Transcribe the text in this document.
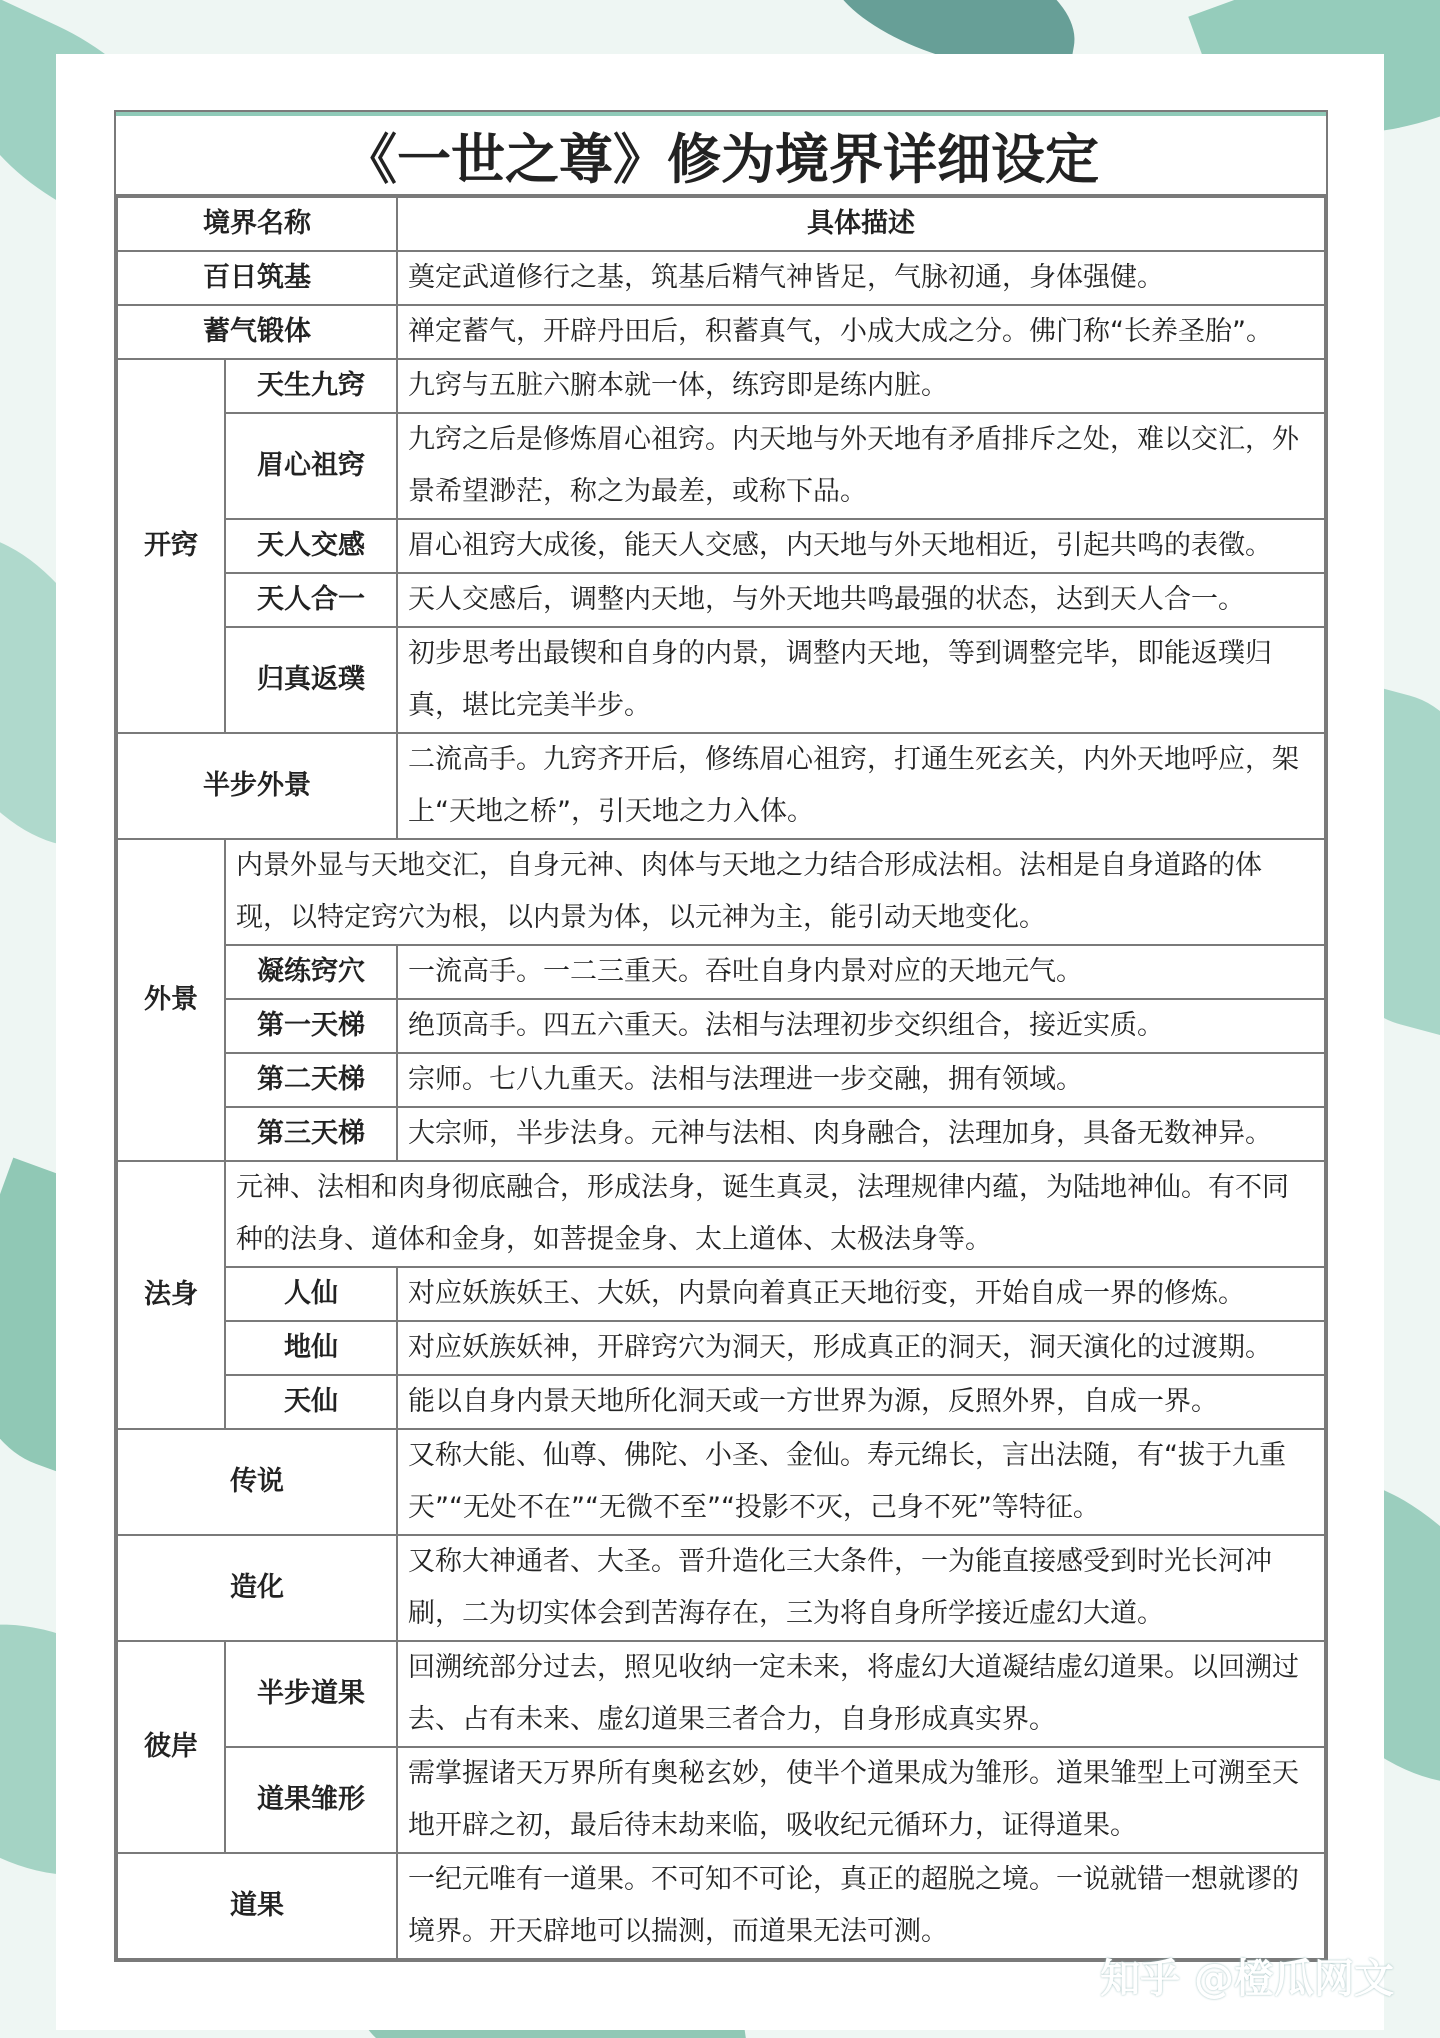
《一世之尊》修为境界详细设定
境界名称		具体描述
百日筑基		奠定武道修行之基，筑基后精气神皆足，气脉初通，身体强健。
蓄气锻体		禅定蓄气，开辟丹田后，积蓄真气，小成大成之分。佛门称“长养圣胎”。
开窍	天生九窍	九窍与五脏六腑本就一体，练窍即是练内脏。
	眉心祖窍	九窍之后是修炼眉心祖窍。内天地与外天地有矛盾排斥之处，难以交汇，外景希望渺茫，称之为最差，或称下品。
	天人交感	眉心祖窍大成後，能天人交感，内天地与外天地相近，引起共鸣的表徵。
	天人合一	天人交感后，调整内天地，与外天地共鸣最强的状态，达到天人合一。
	归真返璞	初步思考出最锲和自身的内景，调整内天地，等到调整完毕，即能返璞归真，堪比完美半步。
半步外景		二流高手。九窍齐开后，修练眉心祖窍，打通生死玄关，内外天地呼应，架上“天地之桥”，引天地之力入体。
外景	内景外显与天地交汇，自身元神、肉体与天地之力结合形成法相。法相是自身道路的体现，以特定窍穴为根，以内景为体，以元神为主，能引动天地变化。	
	凝练窍穴	一流高手。一二三重天。吞吐自身内景对应的天地元气。
	第一天梯	绝顶高手。四五六重天。法相与法理初步交织组合，接近实质。
	第二天梯	宗师。七八九重天。法相与法理进一步交融，拥有领域。
	第三天梯	大宗师，半步法身。元神与法相、肉身融合，法理加身，具备无数神异。
法身	元神、法相和肉身彻底融合，形成法身，诞生真灵，法理规律内蕴，为陆地神仙。有不同种的法身、道体和金身，如菩提金身、太上道体、太极法身等。	
	人仙	对应妖族妖王、大妖，内景向着真正天地衍变，开始自成一界的修炼。
	地仙	对应妖族妖神，开辟窍穴为洞天，形成真正的洞天，洞天演化的过渡期。
	天仙	能以自身内景天地所化洞天或一方世界为源，反照外界，自成一界。
传说		又称大能、仙尊、佛陀、小圣、金仙。寿元绵长，言出法随，有“拔于九重天”“无处不在”“无微不至”“投影不灭，己身不死”等特征。
造化		又称大神通者、大圣。晋升造化三大条件，一为能直接感受到时光长河冲刷，二为切实体会到苦海存在，三为将自身所学接近虚幻大道。
彼岸	半步道果	回溯统部分过去，照见收纳一定未来，将虚幻大道凝结虚幻道果。以回溯过去、占有未来、虚幻道果三者合力，自身形成真实界。
	道果雏形	需掌握诸天万界所有奥秘玄妙，使半个道果成为雏形。道果雏型上可溯至天地开辟之初，最后待末劫来临，吸收纪元循环力，证得道果。
道果		一纪元唯有一道果。不可知不可论，真正的超脱之境。一说就错一想就谬的境界。开天辟地可以揣测，而道果无法可测。
知乎 @橙瓜网文
